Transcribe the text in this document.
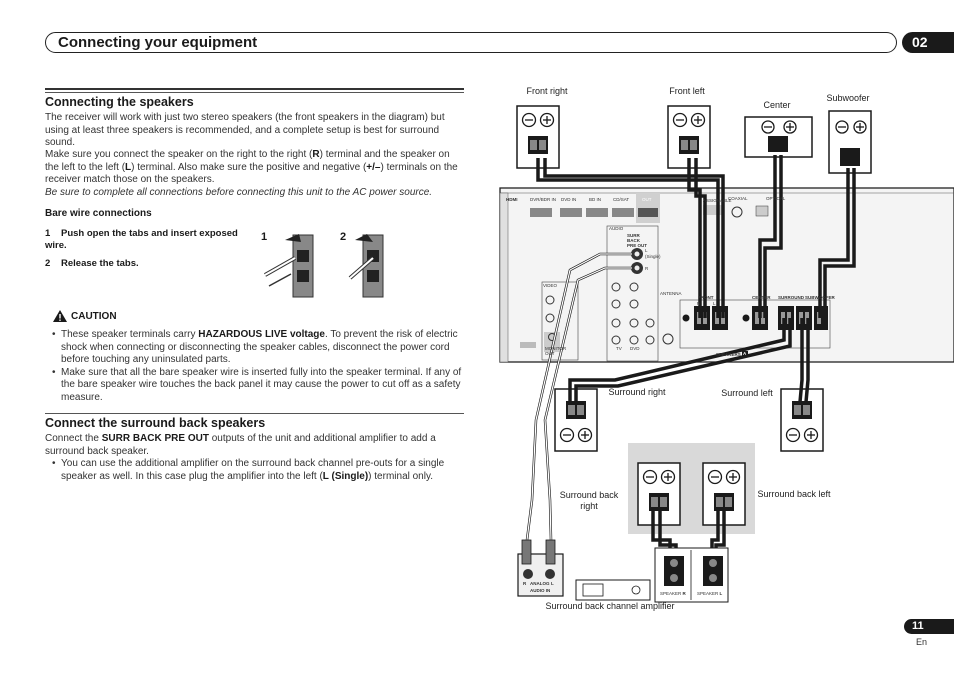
Connecting your equipment	02
Connecting the speakers
The receiver will work with just two stereo speakers (the front speakers in the diagram) but using at least three speakers is recommended, and a complete setup is best for surround sound.
Make sure you connect the speaker on the right to the right (R) terminal and the speaker on the left to the left (L) terminal. Also make sure the positive and negative (+/–) terminals on the receiver match those on the speakers.
Be sure to complete all connections before connecting this unit to the AC power source.
Bare wire connections
1 Push open the tabs and insert exposed wire.
2 Release the tabs.
1	2
CAUTION
• These speaker terminals carry HAZARDOUS LIVE voltage. To prevent the risk of electric shock when connecting or disconnecting the speaker cables, disconnect the power cord before touching any uninsulated parts.
• Make sure that all the bare speaker wire is inserted fully into the speaker terminal. If any of the bare speaker wire touches the back panel it may cause the power to cut off as a safety measure.
Connect the surround back speakers
Connect the SURR BACK PRE OUT outputs of the unit and additional amplifier to add a surround back speaker.
• You can use the additional amplifier on the surround back channel pre-outs for a single speaker as well. In this case plug the amplifier into the left (L (Single)) terminal only.
Front right	Front left
Center
Subwoofer
Surround right	Surround left
Surround back right
Surround back left
Surround back channel amplifier
HDMI	DVR/BDR IN DVD IN	BD IN	CD/SAT	OUT	ASSIGNABLE
COAXIAL	OPTICAL
AUDIO
SURR BACK PRE OUT
L
(Single)
R
VIDEO
MONITOR OUT
ANTENNA
TV DVD
FRONT
R	L
CENTER SURROUND SUBWOOFER
SPEAKERS A
R ANALOG L
AUDIO IN
SPEAKER R SPEAKER L
11
En
